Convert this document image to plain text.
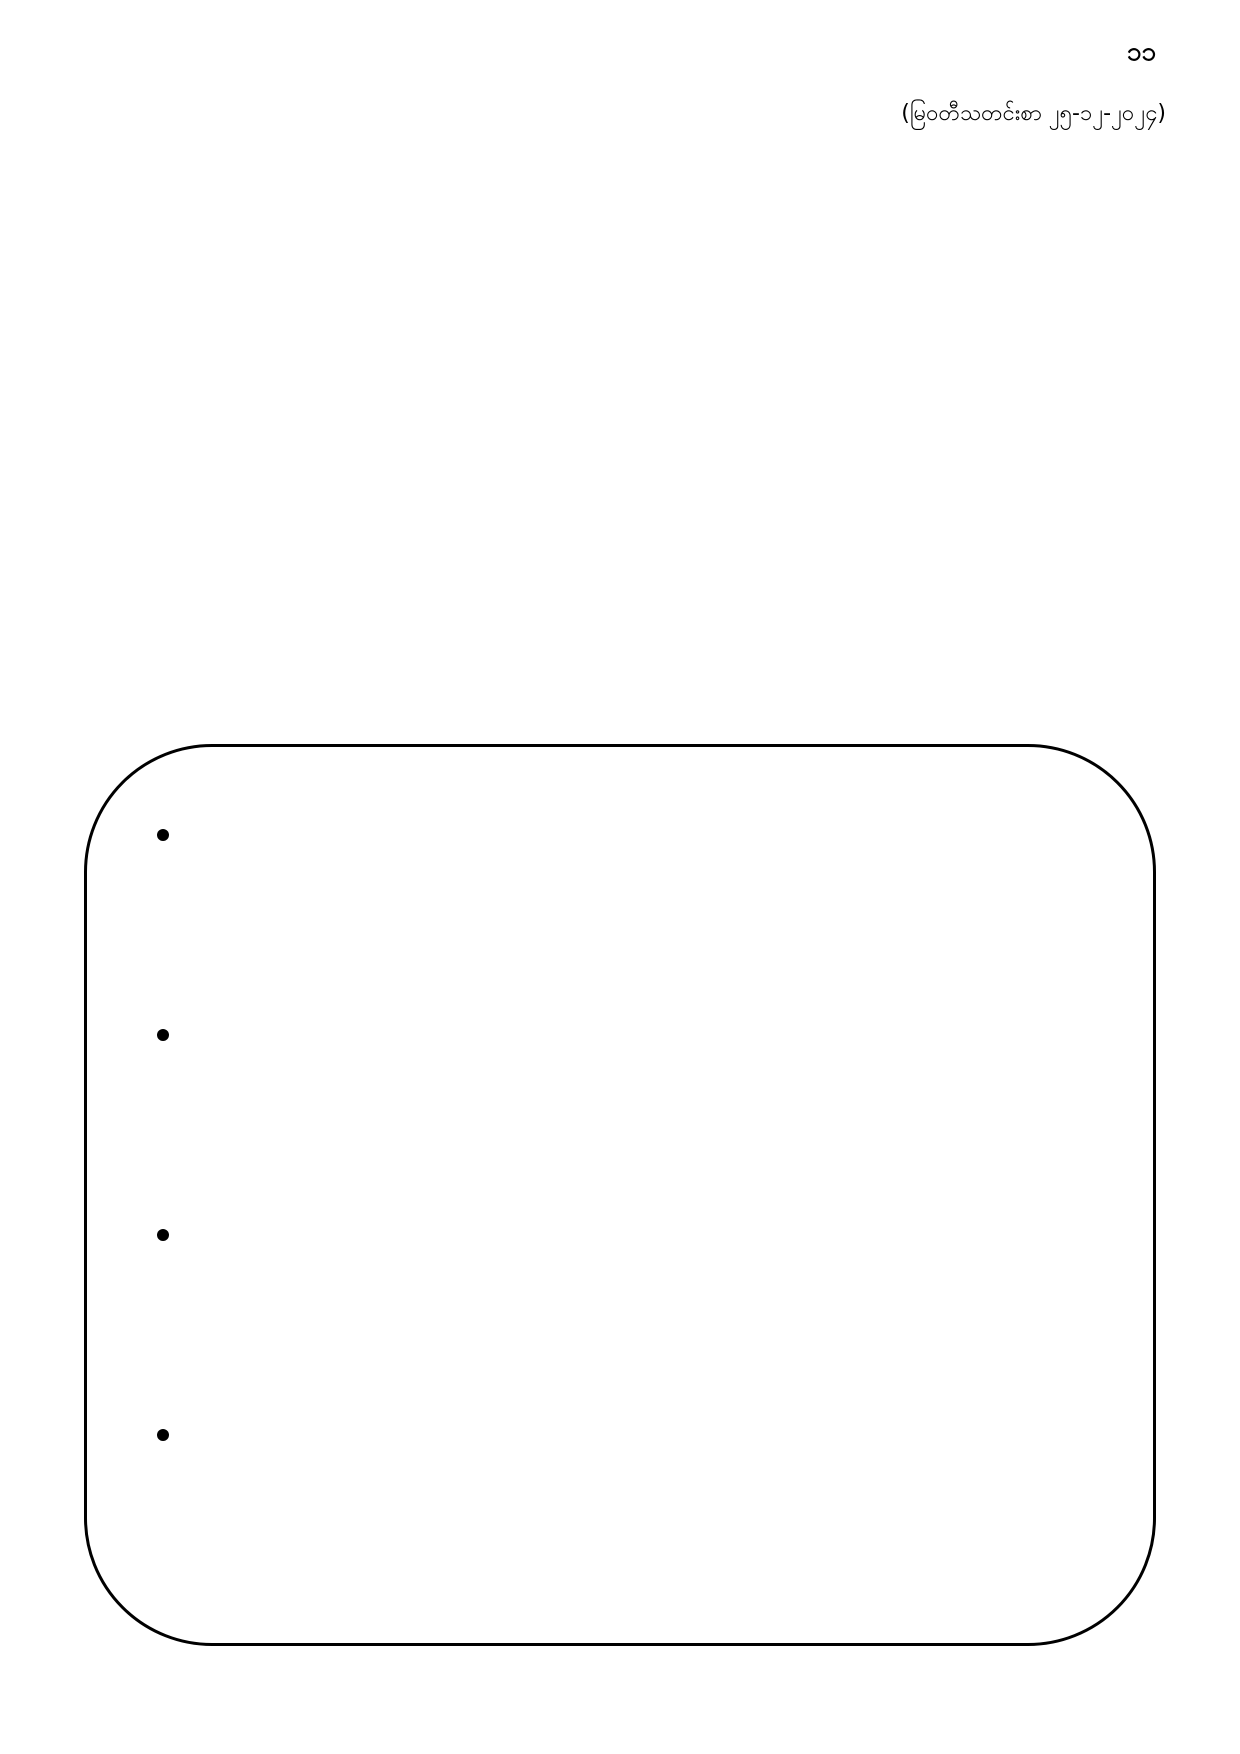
၁၁

(မြဝတီသတင်းစာ ၂၅-၁၂-၂၀၂၄)
